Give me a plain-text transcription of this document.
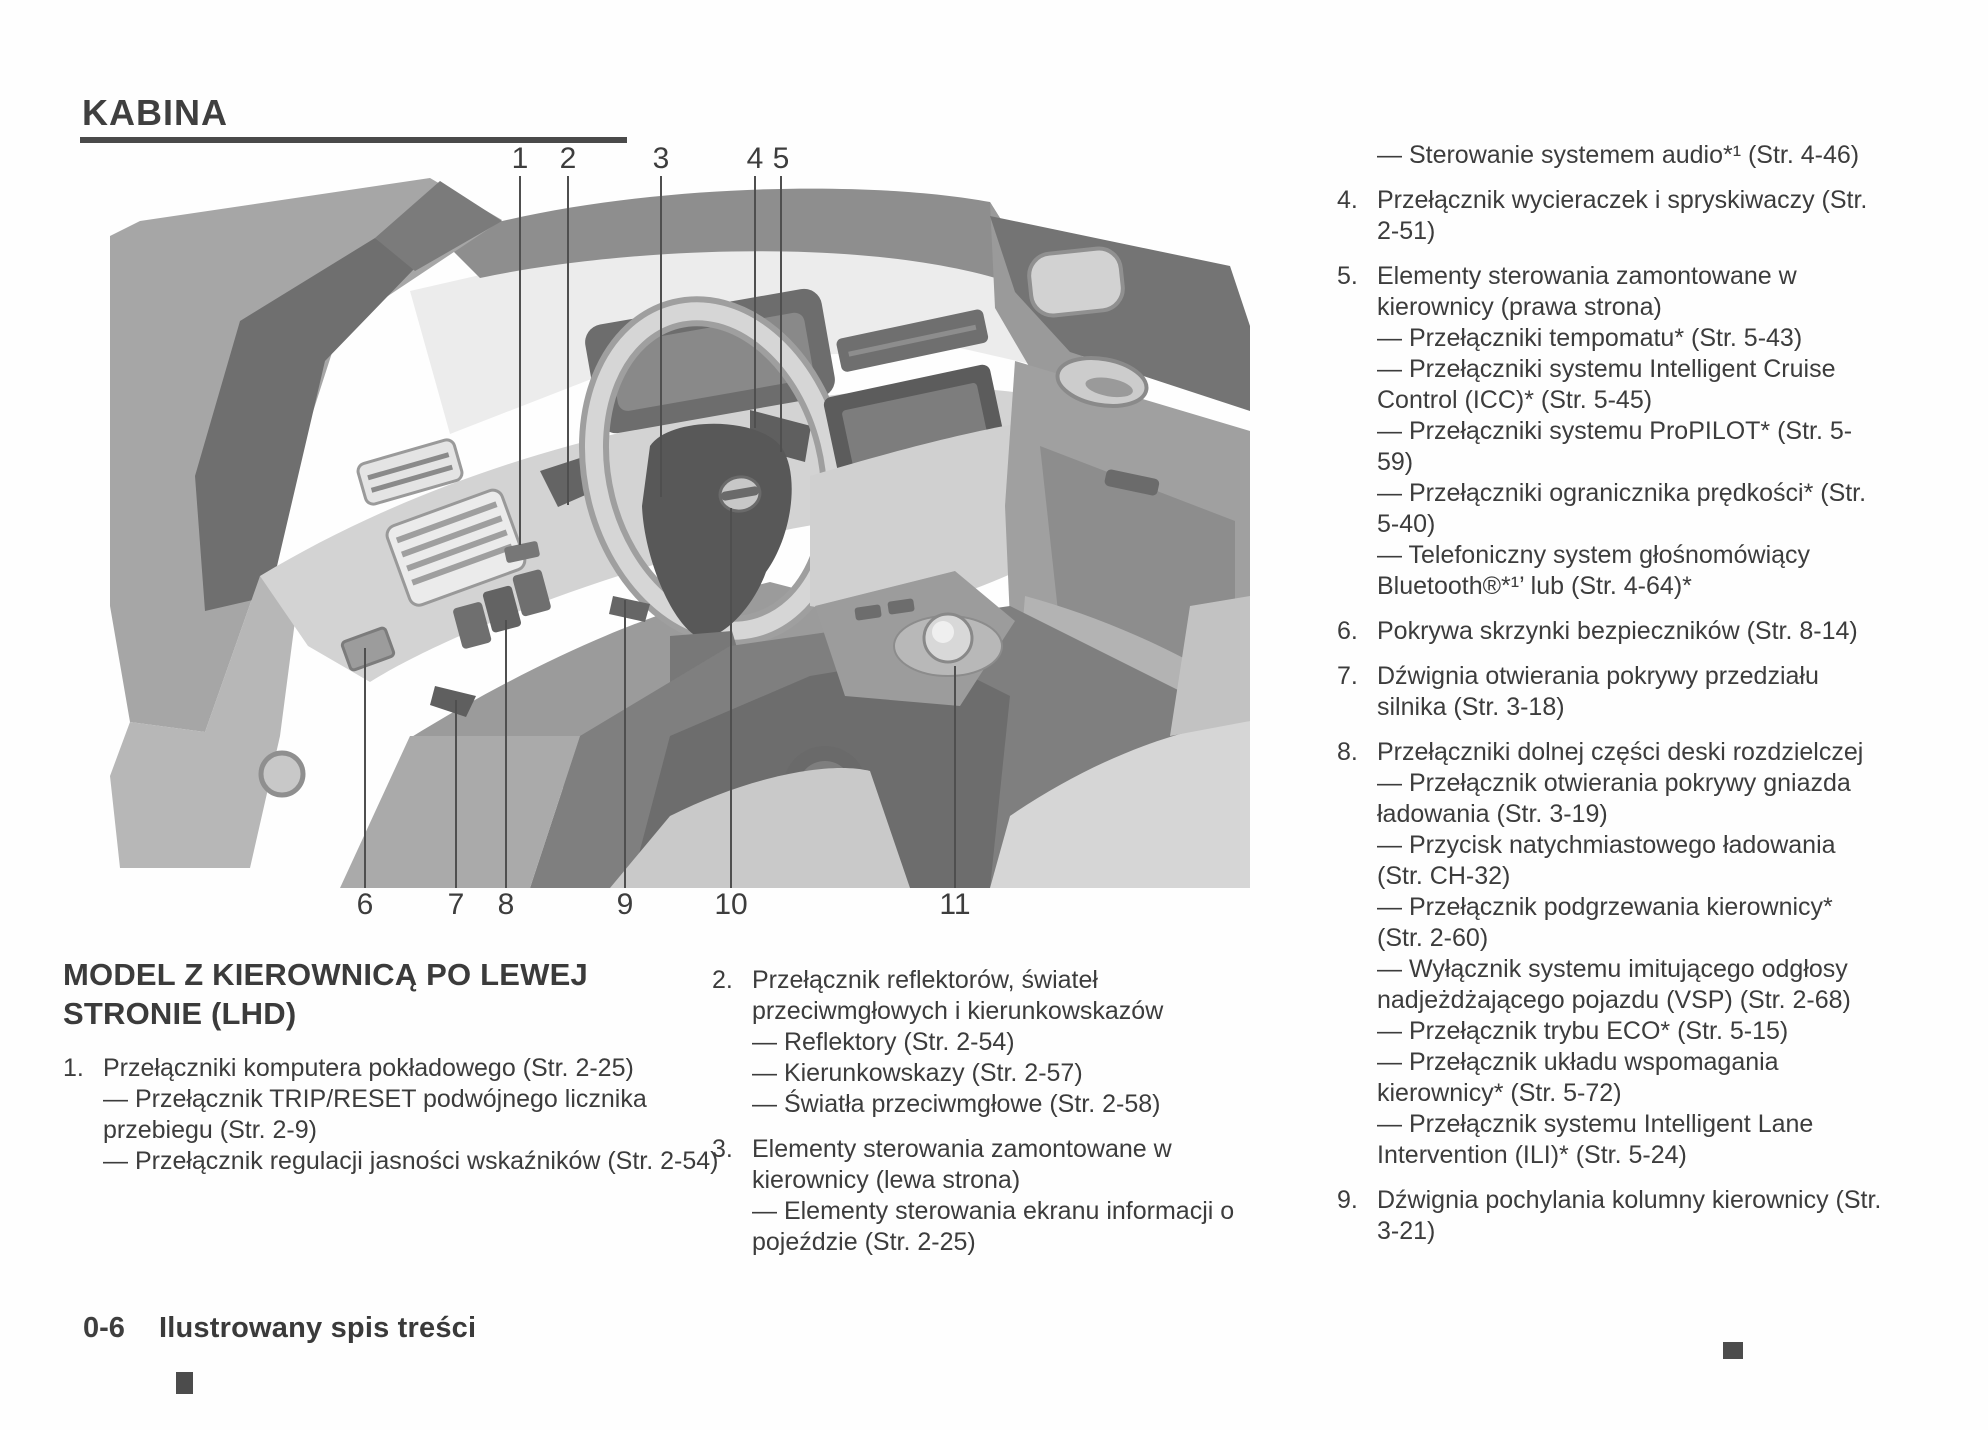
KABINA
1 2	3	4 5
6 7 8	9	10	11
MODEL Z KIEROWNICĄ PO LEWEJ STRONIE (LHD)
1. Przełączniki komputera pokładowego (Str. 2-25)
— Przełącznik TRIP/RESET podwójnego licznika przebiegu (Str. 2-9)
— Przełącznik regulacji jasności wskaźników (Str. 2-54)
2. Przełącznik reflektorów, świateł przeciwmgłowych i kierunkowskazów
— Reflektory (Str. 2-54)
— Kierunkowskazy (Str. 2-57)
— Światła przeciwmgłowe (Str. 2-58)
3. Elementy sterowania zamontowane w kierownicy (lewa strona)
— Elementy sterowania ekranu informacji o pojeździe (Str. 2-25)
— Sterowanie systemem audio*¹ (Str. 4-46)
4. Przełącznik wycieraczek i spryskiwaczy (Str. 2-51)
5. Elementy sterowania zamontowane w kierownicy (prawa strona)
— Przełączniki tempomatu* (Str. 5-43)
— Przełączniki systemu Intelligent Cruise Control (ICC)* (Str. 5-45)
— Przełączniki systemu ProPILOT* (Str. 5-59)
— Przełączniki ogranicznika prędkości* (Str. 5-40)
— Telefoniczny system głośnomówiący Bluetooth®*¹’ lub (Str. 4-64)*
6. Pokrywa skrzynki bezpieczników (Str. 8-14)
7. Dźwignia otwierania pokrywy przedziału silnika (Str. 3-18)
8. Przełączniki dolnej części deski rozdzielczej
— Przełącznik otwierania pokrywy gniazda ładowania (Str. 3-19)
— Przycisk natychmiastowego ładowania (Str. CH-32)
— Przełącznik podgrzewania kierownicy* (Str. 2-60)
— Wyłącznik systemu imitującego odgłosy nadjeżdżającego pojazdu (VSP) (Str. 2-68)
— Przełącznik trybu ECO* (Str. 5-15)
— Przełącznik układu wspomagania kierownicy* (Str. 5-72)
— Przełącznik systemu Intelligent Lane Intervention (ILI)* (Str. 5-24)
9. Dźwignia pochylania kolumny kierownicy (Str. 3-21)
0-6 Ilustrowany spis treści
